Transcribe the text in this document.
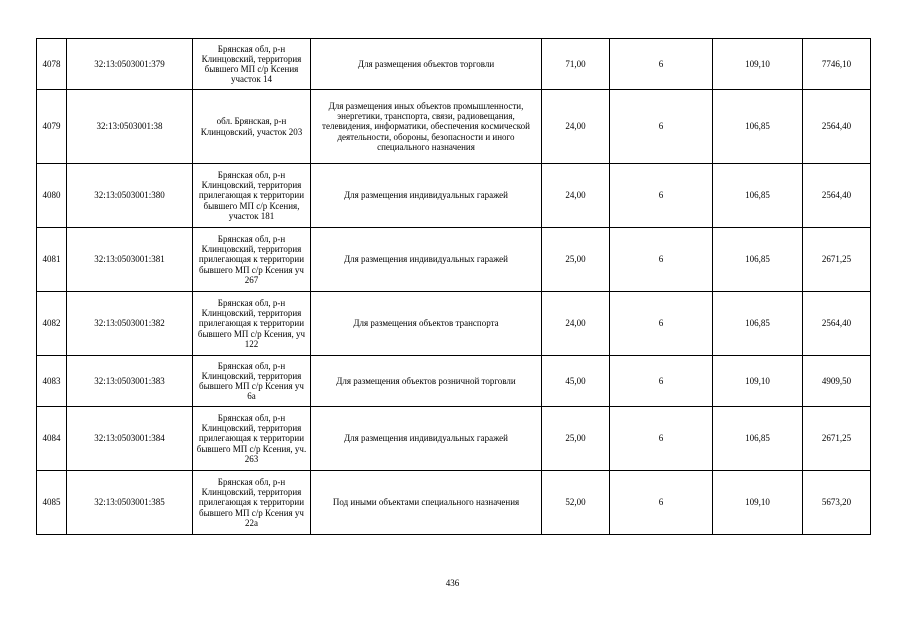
4078	32:13:0503001:379	Брянская обл, р-н Клинцовский, территория бывшего МП с/р Ксения участок 14	Для размещения объектов торговли	71,00	6	109,10	7746,10
4079	32:13:0503001:38	обл. Брянская, р-н Клинцовский, участок 203	Для размещения иных объектов промышленности, энергетики, транспорта, связи, радиовещания, телевидения, информатики, обеспечения космической деятельности, обороны, безопасности и иного специального назначения	24,00	6	106,85	2564,40
4080	32:13:0503001:380	Брянская обл, р-н Клинцовский, территория прилегающая к территории бывшего МП с/р Ксения, участок 181	Для размещения индивидуальных гаражей	24,00	6	106,85	2564,40
4081	32:13:0503001:381	Брянская обл, р-н Клинцовский, территория прилегающая к территории бывшего МП с/р Ксения уч 267	Для размещения индивидуальных гаражей	25,00	6	106,85	2671,25
4082	32:13:0503001:382	Брянская обл, р-н Клинцовский, территория прилегающая к территории бывшего МП с/р Ксения, уч 122	Для размещения объектов транспорта	24,00	6	106,85	2564,40
4083	32:13:0503001:383	Брянская обл, р-н Клинцовский, территория бывшего МП с/р Ксения уч 6а	Для размещения объектов розничной торговли	45,00	6	109,10	4909,50
4084	32:13:0503001:384	Брянская обл, р-н Клинцовский, территория прилегающая к территории бывшего МП с/р Ксения, уч. 263	Для размещения индивидуальных гаражей	25,00	6	106,85	2671,25
4085	32:13:0503001:385	Брянская обл, р-н Клинцовский, территория прилегающая к территории бывшего МП с/р Ксения уч 22а	Под иными объектами специального назначения	52,00	6	109,10	5673,20
436
